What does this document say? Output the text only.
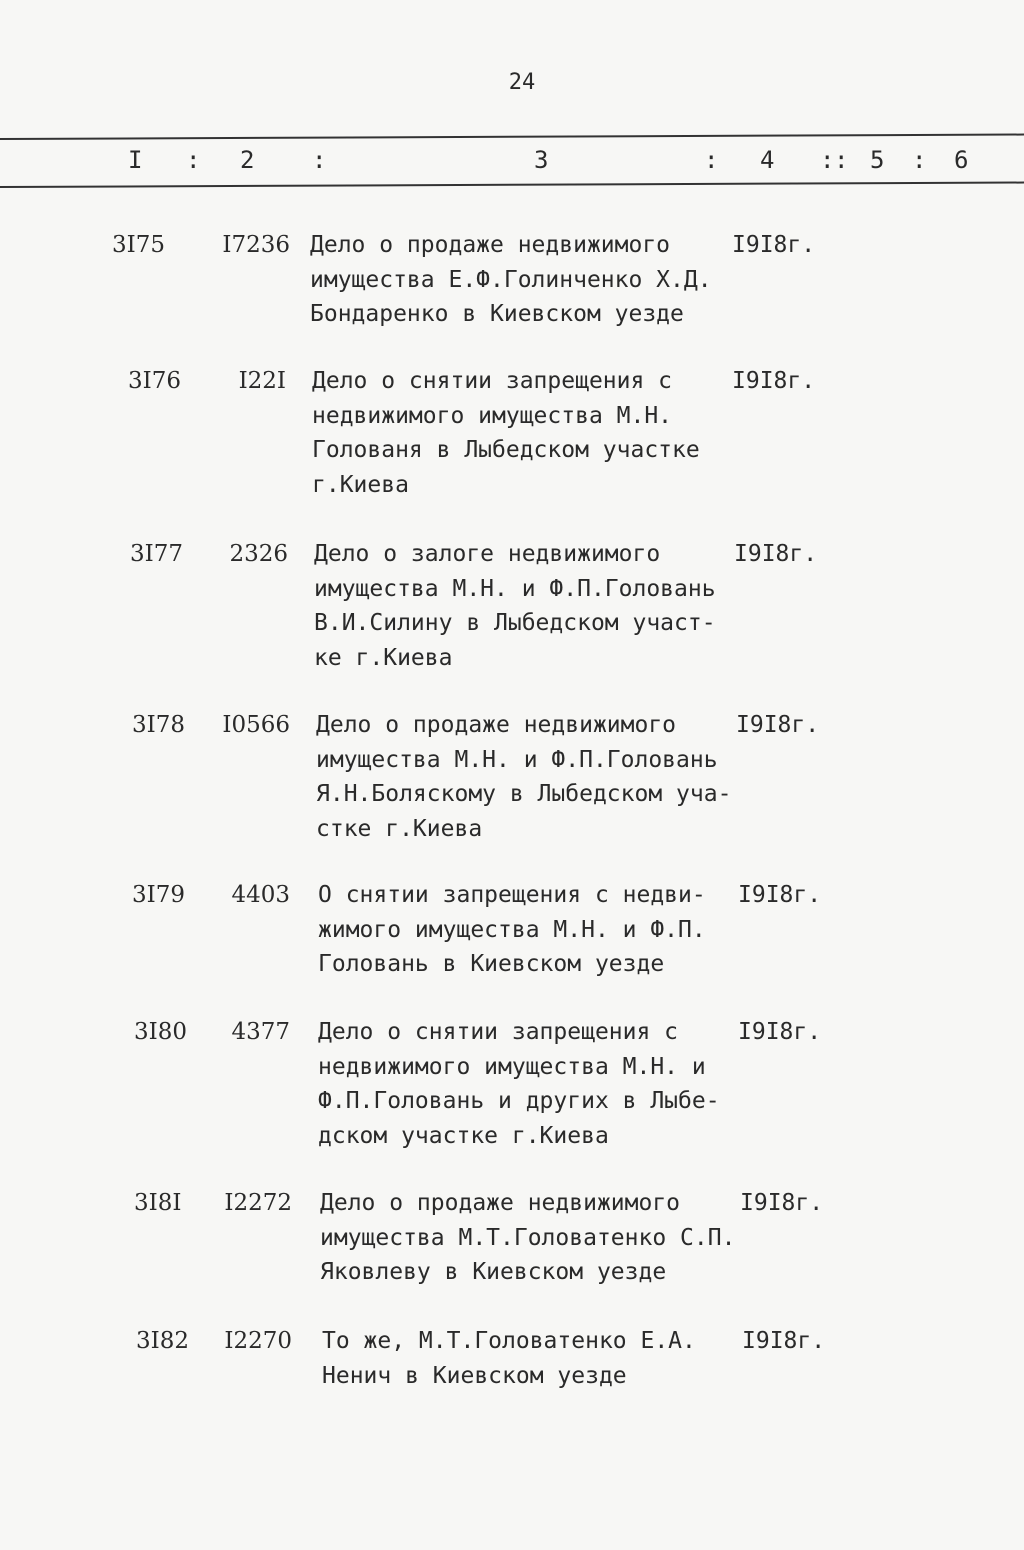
24
I : 2 :	3	: 4 : : 5 : 6
3I75	I7236 Дело о продаже недвижимого
имущества Е.Ф.Голинченко Х.Д.
Бондаренко в Киевском уезде
I9I8г.
3I76	I22I Дело о снятии запрещения с
недвижимого имущества М.Н.
Голованя в Лыбедском участке
г.Киева
I9I8г.
3I77	2326 Дело о залоге недвижимого
имущества М.Н. и Ф.П.Головань
В.И.Силину в Лыбедском участ-
ке г.Киева
I9I8г.
3I78	I0566 Дело о продаже недвижимого
имущества М.Н. и Ф.П.Головань
Я.Н.Боляскому в Лыбедском уча-
стке г.Киева
I9I8г.
3I79	4403 О снятии запрещения с недви-
жимого имущества М.Н. и Ф.П.
Головань в Киевском уезде
I9I8г.
3I80	4377 Дело о снятии запрещения с
недвижимого имущества М.Н. и
Ф.П.Головань и других в Лыбе-
дском участке г.Киева
I9I8г.
3I8I	I2272 Дело о продаже недвижимого
имущества М.Т.Головатенко С.П.
Яковлеву в Киевском уезде
I9I8г.
3I82	I2270 То же, М.Т.Головатенко Е.А.
Ненич в Киевском уезде
I9I8г.
